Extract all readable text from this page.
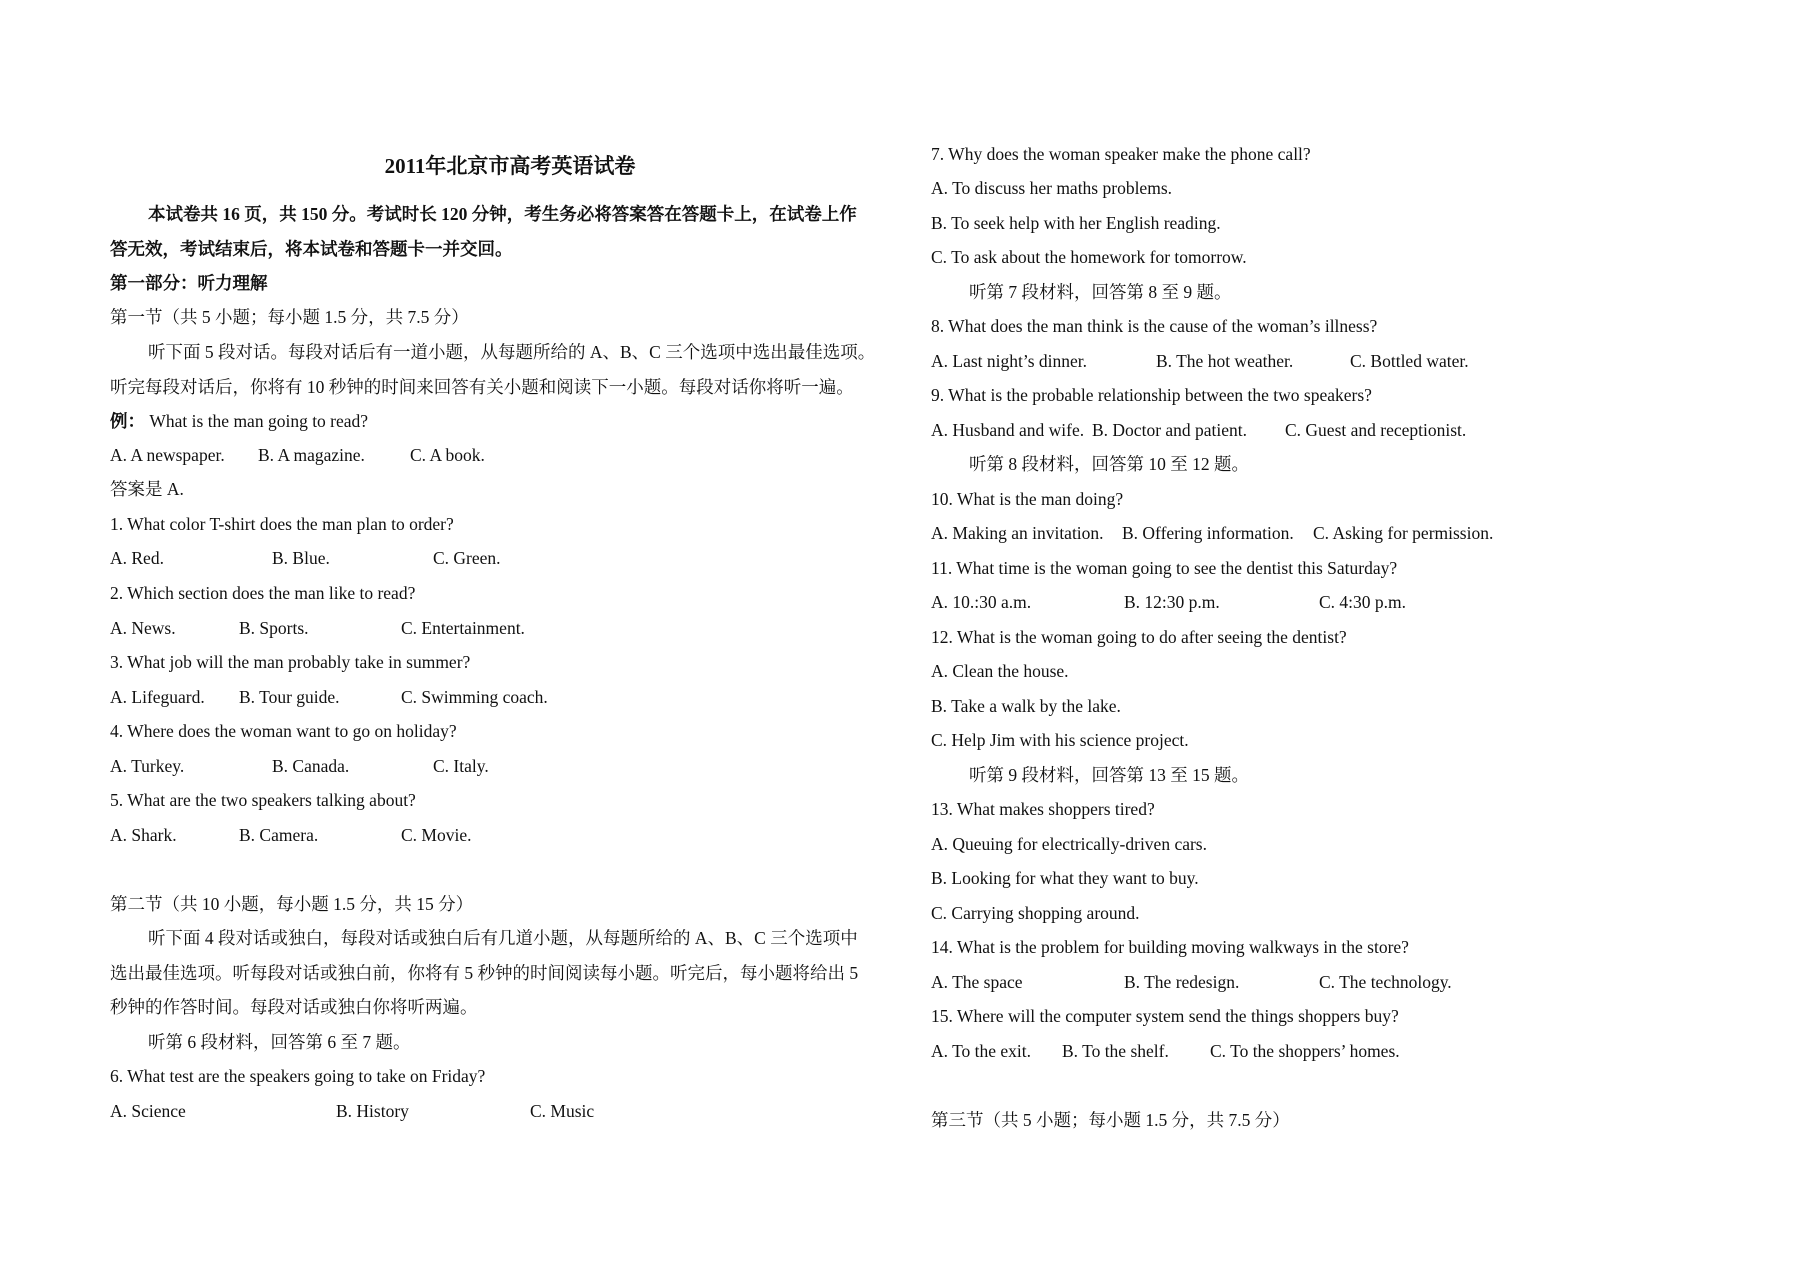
2011年北京市高考英语试卷
本试卷共 16 页，共 150 分。考试时长 120 分钟，考生务必将答案答在答题卡上，在试卷上作
答无效，考试结束后，将本试卷和答题卡一并交回。
第一部分：听力理解
第一节（共 5 小题；每小题 1.5 分，共 7.5 分）
听下面 5 段对话。每段对话后有一道小题，从每题所给的 A、B、C 三个选项中选出最佳选项。
听完每段对话后，你将有 10 秒钟的时间来回答有关小题和阅读下一小题。每段对话你将听一遍。
例： What is the man going to read?
A. A newspaper. B. A magazine.	C. A book.
答案是 A.
1. What color T-shirt does the man plan to order?
A. Red.	B. Blue.	C. Green.
2. Which section does the man like to read?
A. News.	B. Sports.	C. Entertainment.
3. What job will the man probably take in summer?
A. Lifeguard. B. Tour guide.	C. Swimming coach.
4. Where does the woman want to go on holiday?
A. Turkey.	B. Canada.	C. Italy.
5. What are the two speakers talking about?
A. Shark.	B. Camera.	C. Movie.
第二节（共 10 小题，每小题 1.5 分，共 15 分）
听下面 4 段对话或独白，每段对话或独白后有几道小题，从每题所给的 A、B、C 三个选项中
选出最佳选项。听每段对话或独白前，你将有 5 秒钟的时间阅读每小题。听完后，每小题将给出 5
秒钟的作答时间。每段对话或独白你将听两遍。
听第 6 段材料，回答第 6 至 7 题。
6. What test are the speakers going to take on Friday?
A. Science	B. History	C. Music
7. Why does the woman speaker make the phone call?
A. To discuss her maths problems.
B. To seek help with her English reading.
C. To ask about the homework for tomorrow.
听第 7 段材料，回答第 8 至 9 题。
8. What does the man think is the cause of the woman’s illness?
A. Last night’s dinner.	B. The hot weather.	C. Bottled water.
9. What is the probable relationship between the two speakers?
A. Husband and wife. B. Doctor and patient. C. Guest and receptionist.
听第 8 段材料，回答第 10 至 12 题。
10. What is the man doing?
A. Making an invitation. B. Offering information. C. Asking for permission.
11. What time is the woman going to see the dentist this Saturday?
A. 10.:30 a.m.	B. 12:30 p.m.	C. 4:30 p.m.
12. What is the woman going to do after seeing the dentist?
A. Clean the house.
B. Take a walk by the lake.
C. Help Jim with his science project.
听第 9 段材料，回答第 13 至 15 题。
13. What makes shoppers tired?
A. Queuing for electrically-driven cars.
B. Looking for what they want to buy.
C. Carrying shopping around.
14. What is the problem for building moving walkways in the store?
A. The space	B. The redesign.	C. The technology.
15. Where will the computer system send the things shoppers buy?
A. To the exit. B. To the shelf. C. To the shoppers’ homes.
第三节（共 5 小题；每小题 1.5 分，共 7.5 分）
